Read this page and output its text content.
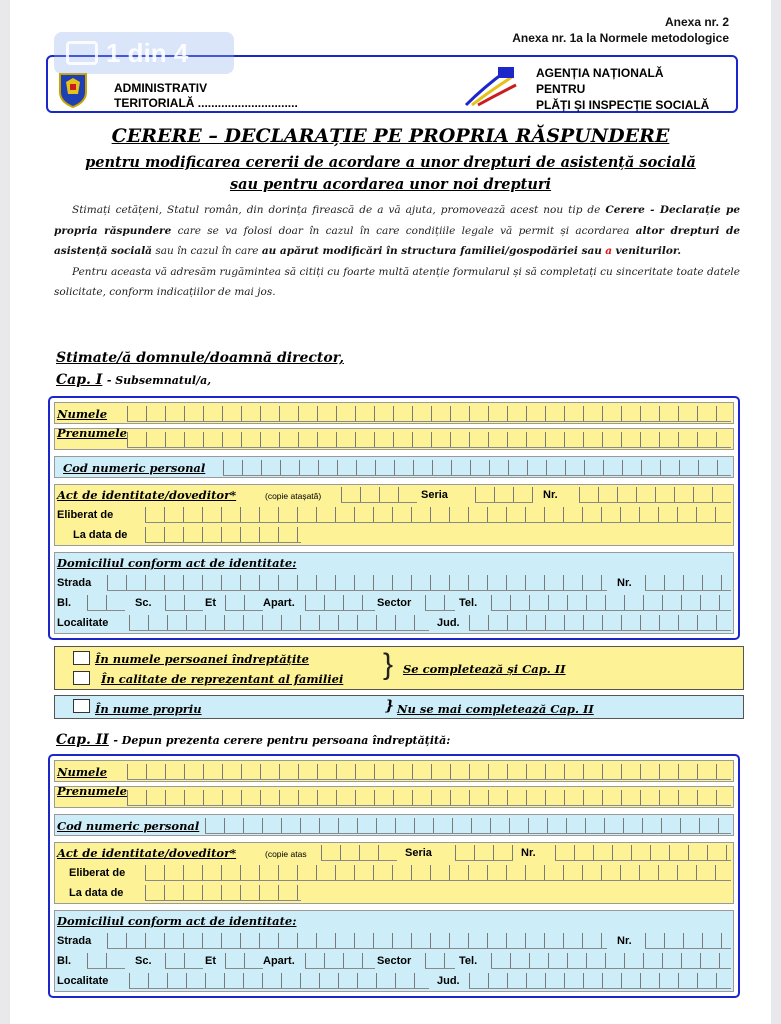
Anexa nr. 2
Anexa nr. 1a la Normele metodologice
ADMINISTRATIV
TERITORIALĂ ..............................
AGENȚIA NAȚIONALĂ
PENTRU
PLĂȚI ȘI INSPECȚIE SOCIALĂ
1 din 4
CERERE – DECLARAȚIE PE PROPRIA RĂSPUNDERE
pentru modificarea cererii de acordare a unor drepturi de asistență socială
sau pentru acordarea unor noi drepturi

Stimați cetățeni, Statul român, din dorința firească de a vă ajuta, promovează acest nou tip de Cerere - Declarație pe propria răspundere care se va folosi doar în cazul în care condițiile legale vă permit și acordarea altor drepturi de asistență socială sau în cazul în care au apărut modificări în structura familiei/gospodăriei sau a veniturilor.

Pentru aceasta vă adresăm rugămintea să citiți cu foarte multă atenție formularul și să completați cu sinceritate toate datele solicitate, conform indicațiilor de mai jos.

Stimate/ă domnule/doamnă director,
Cap. I - Subsemnatul/a,
Numele
Prenumele
Cod numeric personal
Act de identitate/doveditor*	(copie atașată)	Seria	Nr.
Eliberat de
La data de
Domiciliul conform act de identitate:
Strada	Nr.
Bl.	Sc.	Et	Apart.	Sector	Tel.
Localitate	Jud.
În numele persoanei îndreptățite
În calitate de reprezentant al familiei } Se completează și Cap. II
În nume propriu	} Nu se mai completează Cap. II
Cap. II - Depun prezenta cerere pentru persoana îndreptățită:
Numele
Prenumele
Cod numeric personal
Act de identitate/doveditor*	(copie atas	Seria	Nr.
Eliberat de
La data de
Domiciliul conform act de identitate:
Strada	Nr.
Bl.	Sc.	Et	Apart.	Sector	Tel.
Localitate	Jud.
